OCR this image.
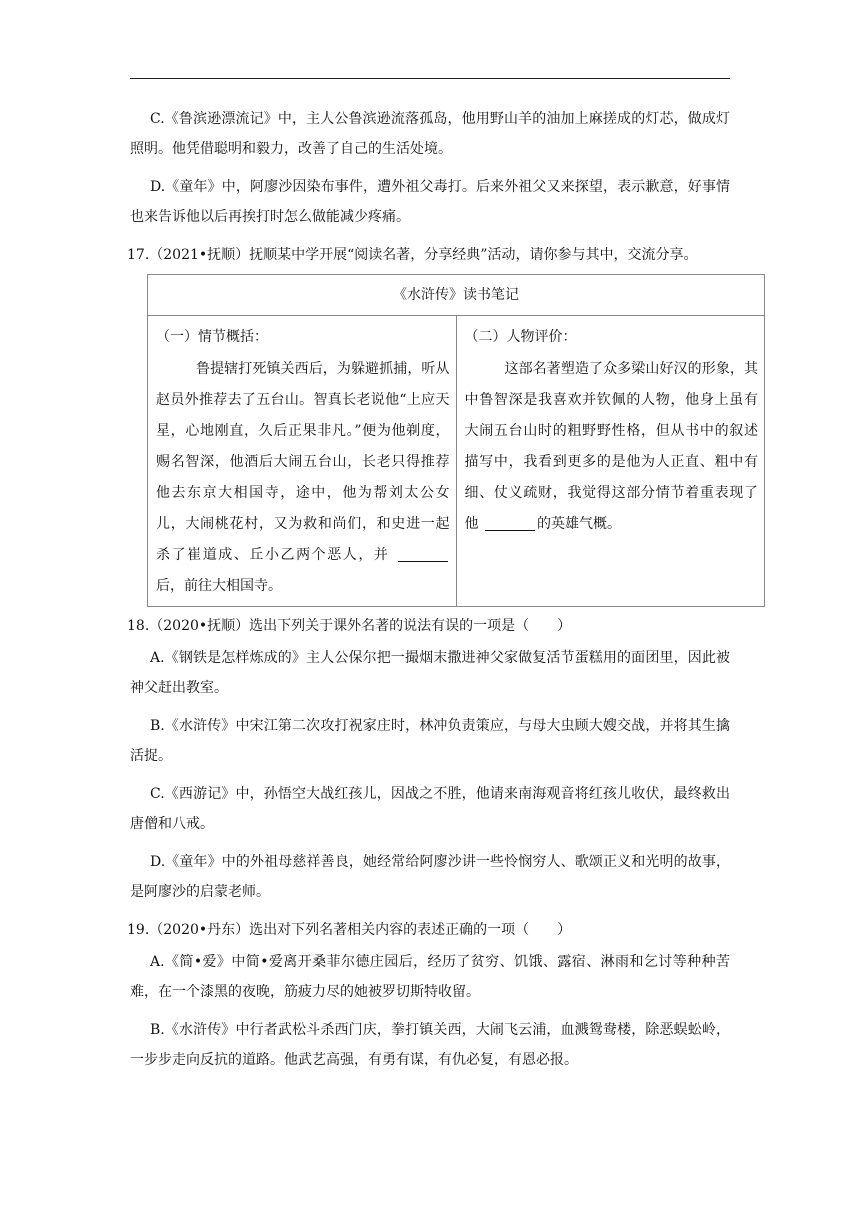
C.《鲁滨逊漂流记》中，主人公鲁滨逊流落孤岛，他用野山羊的油加上麻搓成的灯芯，做成灯照明。他凭借聪明和毅力，改善了自己的生活处境。

D.《童年》中，阿廖沙因染布事件，遭外祖父毒打。后来外祖父又来探望，表示歉意，好事情也来告诉他以后再挨打时怎么做能减少疼痛。

17.（2021•抚顺）抚顺某中学开展“阅读名著，分享经典”活动，请你参与其中，交流分享。

《水浒传》读书笔记

（一）情节概括：
鲁提辖打死镇关西后，为躲避抓捕，听从赵员外推荐去了五台山。智真长老说他“上应天星，心地刚直，久后正果非凡。”便为他剃度，赐名智深，他酒后大闹五台山，长老只得推荐他去东京大相国寺，途中，他为帮刘太公女儿，大闹桃花村，又为救和尚们，和史进一起杀了崔道成、丘小乙两个恶人，并 后，前往大相国寺。

（二）人物评价：
这部名著塑造了众多梁山好汉的形象，其中鲁智深是我喜欢并钦佩的人物，他身上虽有大闹五台山时的粗野野性格，但从书中的叙述描写中，我看到更多的是他为人正直、粗中有细、仗义疏财，我觉得这部分情节着重表现了他	的英雄气概。

18.（2020•抚顺）选出下列关于课外名著的说法有误的一项是（　　）

A.《钢铁是怎样炼成的》主人公保尔把一撮烟末撒进神父家做复活节蛋糕用的面团里，因此被神父赶出教室。

B.《水浒传》中宋江第二次攻打祝家庄时，林冲负责策应，与母大虫顾大嫂交战，并将其生擒活捉。

C.《西游记》中，孙悟空大战红孩儿，因战之不胜，他请来南海观音将红孩儿收伏，最终救出唐僧和八戒。

D.《童年》中的外祖母慈祥善良，她经常给阿廖沙讲一些怜悯穷人、歌颂正义和光明的故事，是阿廖沙的启蒙老师。

19.（2020•丹东）选出对下列名著相关内容的表述正确的一项（　　）

A.《简•爱》中简•爱离开桑菲尔德庄园后，经历了贫穷、饥饿、露宿、淋雨和乞讨等种种苦难，在一个漆黑的夜晚，筋疲力尽的她被罗切斯特收留。

B.《水浒传》中行者武松斗杀西门庆，拳打镇关西，大闹飞云浦，血溅鸳鸯楼，除恶蜈蚣岭，一步步走向反抗的道路。他武艺高强，有勇有谋，有仇必复，有恩必报。
